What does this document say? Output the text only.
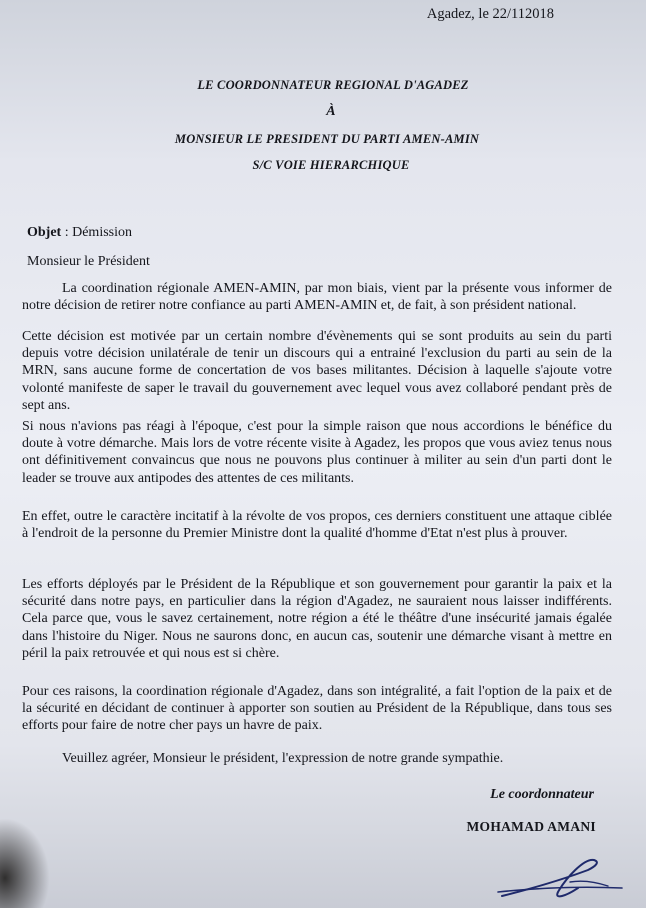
Agadez, le 22/112018
LE COORDONNATEUR REGIONAL D'AGADEZ
À
MONSIEUR LE PRESIDENT DU PARTI AMEN-AMIN
S/C VOIE HIERARCHIQUE
Objet : Démission
Monsieur le Président
La coordination régionale AMEN-AMIN, par mon biais, vient par la présente vous informer de notre décision de retirer notre confiance au parti AMEN-AMIN et, de fait, à son président national.
Cette décision est motivée par un certain nombre d'évènements qui se sont produits au sein du parti depuis votre décision unilatérale de tenir un discours qui a entrainé l'exclusion du parti au sein de la MRN, sans aucune forme de concertation de vos bases militantes. Décision à laquelle s'ajoute votre volonté manifeste de saper le travail du gouvernement avec lequel vous avez collaboré pendant près de sept ans.
Si nous n'avions pas réagi à l'époque, c'est pour la simple raison que nous accordions le bénéfice du doute à votre démarche. Mais lors de votre récente visite à Agadez, les propos que vous aviez tenus nous ont définitivement convaincus que nous ne pouvons plus continuer à militer au sein d'un parti dont le leader se trouve aux antipodes des attentes de ces militants.
En effet, outre le caractère incitatif à la révolte de vos propos, ces derniers constituent une attaque ciblée à l'endroit de la personne du Premier Ministre dont la qualité d'homme d'Etat n'est plus à prouver.
Les efforts déployés par le Président de la République et son gouvernement pour garantir la paix et la sécurité dans notre pays, en particulier dans la région d'Agadez, ne sauraient nous laisser indifférents. Cela parce que, vous le savez certainement, notre région a été le théâtre d'une insécurité jamais égalée dans l'histoire du Niger. Nous ne saurons donc, en aucun cas, soutenir une démarche visant à mettre en péril la paix retrouvée et qui nous est si chère.
Pour ces raisons, la coordination régionale d'Agadez, dans son intégralité, a fait l'option de la paix et de la sécurité en décidant de continuer à apporter son soutien au Président de la République, dans tous ses efforts pour faire de notre cher pays un havre de paix.
Veuillez agréer, Monsieur le président, l'expression de notre grande sympathie.
Le coordonnateur
MOHAMAD AMANI
